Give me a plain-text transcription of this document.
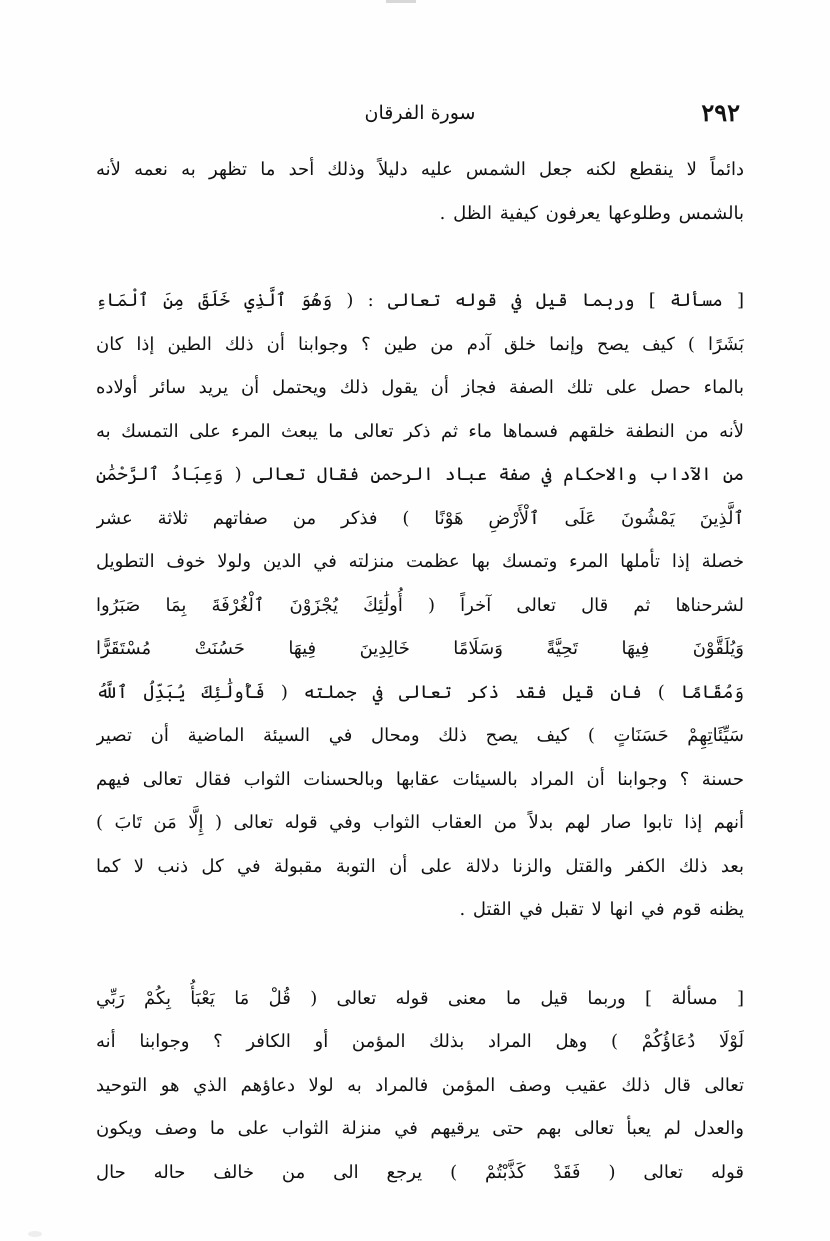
٢٩٢
سورة الفرقان
دائماً لا ينقطع لكنه جعل الشمس عليه دليلاً وذلك أحد ما تظهر به نعمه لأنه
بالشمس وطلوعها يعرفون كيفية الظل .
[ مسألة ] وربما قيل في قوله تعالى : ( وَهُوَ ٱلَّذِي خَلَقَ مِنَ ٱلْمَاءِ
بَشَرًا ) كيف يصح وإنما خلق آدم من طين ؟ وجوابنا أن ذلك الطين إذا كان
بالماء حصل على تلك الصفة فجاز أن يقول ذلك ويحتمل أن يريد سائر أولاده
لأنه من النطفة خلقهم فسماها ماء ثم ذكر تعالى ما يبعث المرء على التمسك به
من الآداب والاحكام في صفة عباد الرحمن فقال تعالى ( وَعِبَادُ ٱلرَّحْمَٰنِ
ٱلَّذِينَ يَمْشُونَ عَلَى ٱلْأَرْضِ هَوْنًا ) فذكر من صفاتهم ثلاثة عشر
خصلة إذا تأملها المرء وتمسك بها عظمت منزلته في الدين ولولا خوف التطويل
لشرحناها ثم قال تعالى آخراً ( أُولَٰئِكَ يُجْزَوْنَ ٱلْغُرْفَةَ بِمَا صَبَرُوا
وَيُلَقَّوْنَ فِيهَا تَحِيَّةً وَسَلَامًا خَالِدِينَ فِيهَا حَسُنَتْ مُسْتَقَرًّا
وَمُقَامًا ) فان قيل فقد ذكر تعالى في جملته ( فَأُولَٰئِكَ يُبَدِّلُ ٱللَّهُ
سَيِّئَاتِهِمْ حَسَنَاتٍ ) كيف يصح ذلك ومحال في السيئة الماضية أن تصير
حسنة ؟ وجوابنا أن المراد بالسيئات عقابها وبالحسنات الثواب فقال تعالى فيهم
أنهم إذا تابوا صار لهم بدلاً من العقاب الثواب وفي قوله تعالى ( إِلَّا مَن تَابَ )
بعد ذلك الكفر والقتل والزنا دلالة على أن التوبة مقبولة في كل ذنب لا كما
يظنه قوم في انها لا تقبل في القتل .
[ مسألة ] وربما قيل ما معنى قوله تعالى ( قُلْ مَا يَعْبَأُ بِكُمْ رَبِّي
لَوْلَا دُعَاؤُكُمْ ) وهل المراد بذلك المؤمن أو الكافر ؟ وجوابنا أنه
تعالى قال ذلك عقيب وصف المؤمن فالمراد به لولا دعاؤهم الذي هو التوحيد
والعدل لم يعبأ تعالى بهم حتى يرقيهم في منزلة الثواب على ما وصف ويكون
قوله تعالى ( فَقَدْ كَذَّبْتُمْ ) يرجع الى من خالف حاله حال
